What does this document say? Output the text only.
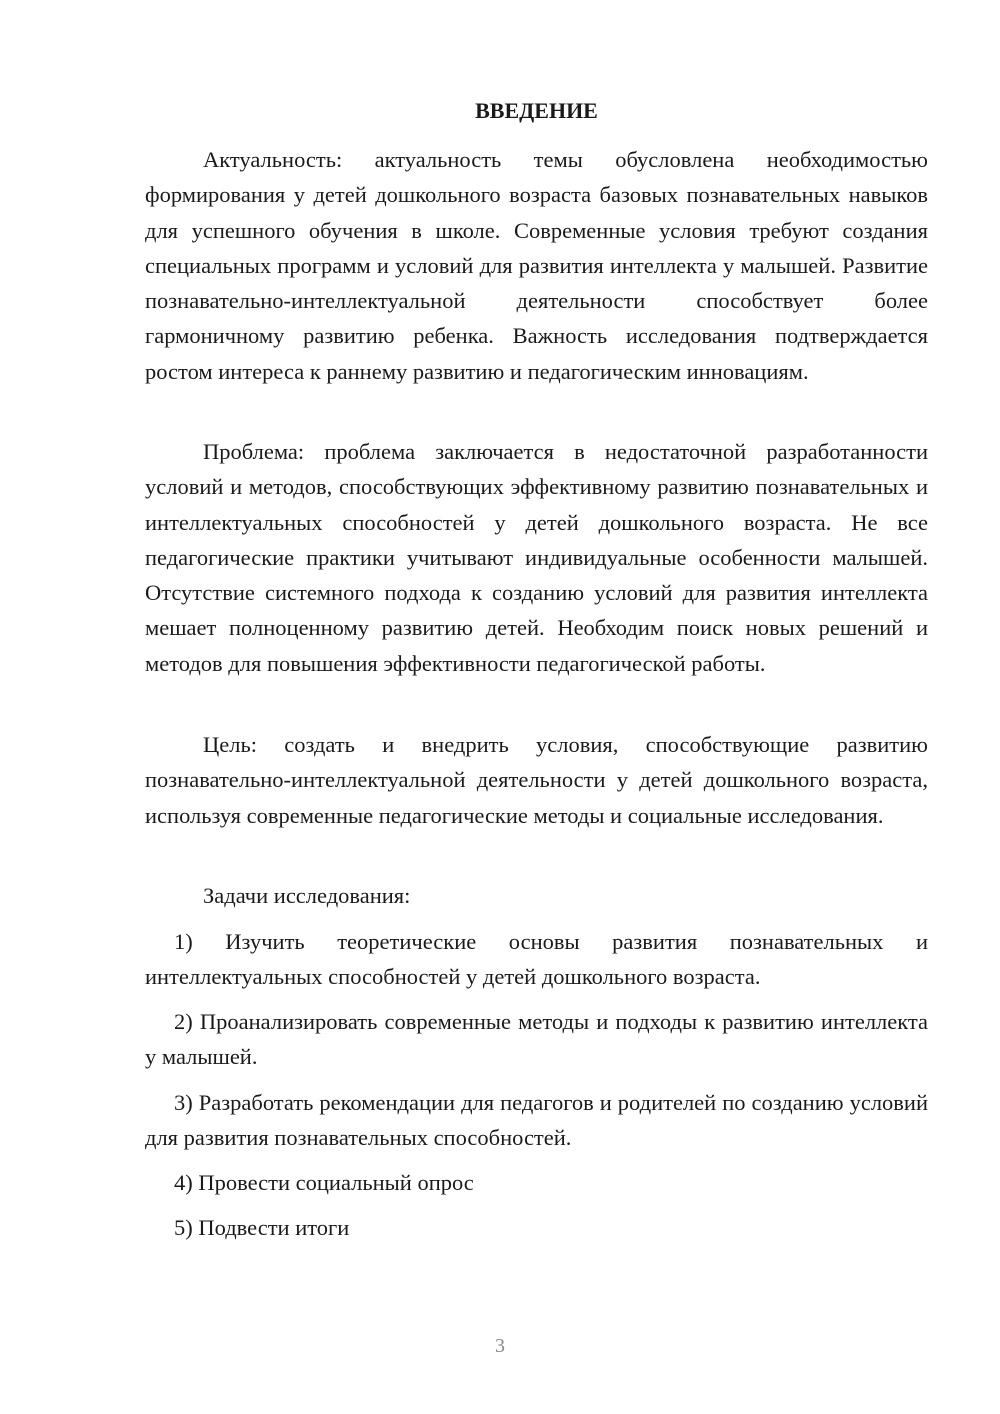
ВВЕДЕНИЕ

Актуальность: актуальность темы обусловлена необходимостью формирования у детей дошкольного возраста базовых познавательных навыков для успешного обучения в школе. Современные условия требуют создания специальных программ и условий для развития интеллекта у малышей. Развитие познавательно-интеллектуальной деятельности способствует более гармоничному развитию ребенка. Важность исследования подтверждается ростом интереса к раннему развитию и педагогическим инновациям.

Проблема: проблема заключается в недостаточной разработанности условий и методов, способствующих эффективному развитию познавательных и интеллектуальных способностей у детей дошкольного возраста. Не все педагогические практики учитывают индивидуальные особенности малышей. Отсутствие системного подхода к созданию условий для развития интеллекта мешает полноценному развитию детей. Необходим поиск новых решений и методов для повышения эффективности педагогической работы.

Цель: создать и внедрить условия, способствующие развитию познавательно-интеллектуальной деятельности у детей дошкольного возраста, используя современные педагогические методы и социальные исследования.

Задачи исследования:

1) Изучить теоретические основы развития познавательных и интеллектуальных способностей у детей дошкольного возраста.

2) Проанализировать современные методы и подходы к развитию интеллекта у малышей.

3) Разработать рекомендации для педагогов и родителей по созданию условий для развития познавательных способностей.

4) Провести социальный опрос

5) Подвести итоги

3
